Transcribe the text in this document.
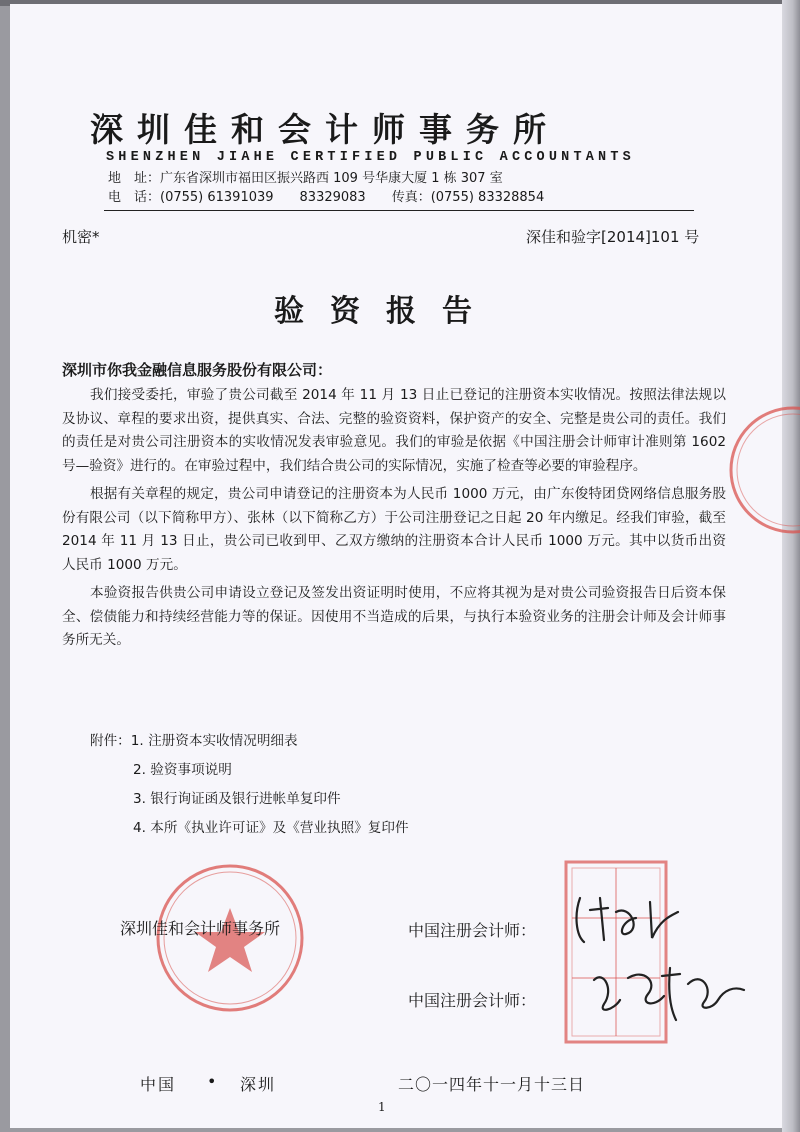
深圳佳和会计师事务所
SHENZHEN JIAHE CERTIFIED PUBLIC ACCOUNTANTS
地　址：广东省深圳市福田区振兴路西 109 号华康大厦 1 栋 307 室
电　话：(0755) 61391039　　83329083　　传真：(0755) 83328854
机密*	深佳和验字[2014]101 号
验资报告
深圳市你我金融信息服务股份有限公司：

我们接受委托，审验了贵公司截至 2014 年 11 月 13 日止已登记的注册资本实收情况。按照法律法规以及协议、章程的要求出资，提供真实、合法、完整的验资资料，保护资产的安全、完整是贵公司的责任。我们的责任是对贵公司注册资本的实收情况发表审验意见。我们的审验是依据《中国注册会计师审计准则第 1602 号—验资》进行的。在审验过程中，我们结合贵公司的实际情况，实施了检查等必要的审验程序。

根据有关章程的规定，贵公司申请登记的注册资本为人民币 1000 万元，由广东俊特团贷网络信息服务股份有限公司（以下简称甲方）、张林（以下简称乙方）于公司注册登记之日起 20 年内缴足。经我们审验，截至 2014 年 11 月 13 日止，贵公司已收到甲、乙双方缴纳的注册资本合计人民币 1000 万元。其中以货币出资人民币 1000 万元。

本验资报告供贵公司申请设立登记及签发出资证明时使用，不应将其视为是对贵公司验资报告日后资本保全、偿债能力和持续经营能力等的保证。因使用不当造成的后果，与执行本验资业务的注册会计师及会计师事务所无关。

附件：1. 注册资本实收情况明细表
2. 验资事项说明
3. 银行询证函及银行进帐单复印件
4. 本所《执业许可证》及《营业执照》复印件
深圳佳和会计师事务所	中国注册会计师：
中国注册会计师：
中国 • 深圳	二〇一四年十一月十三日
1
